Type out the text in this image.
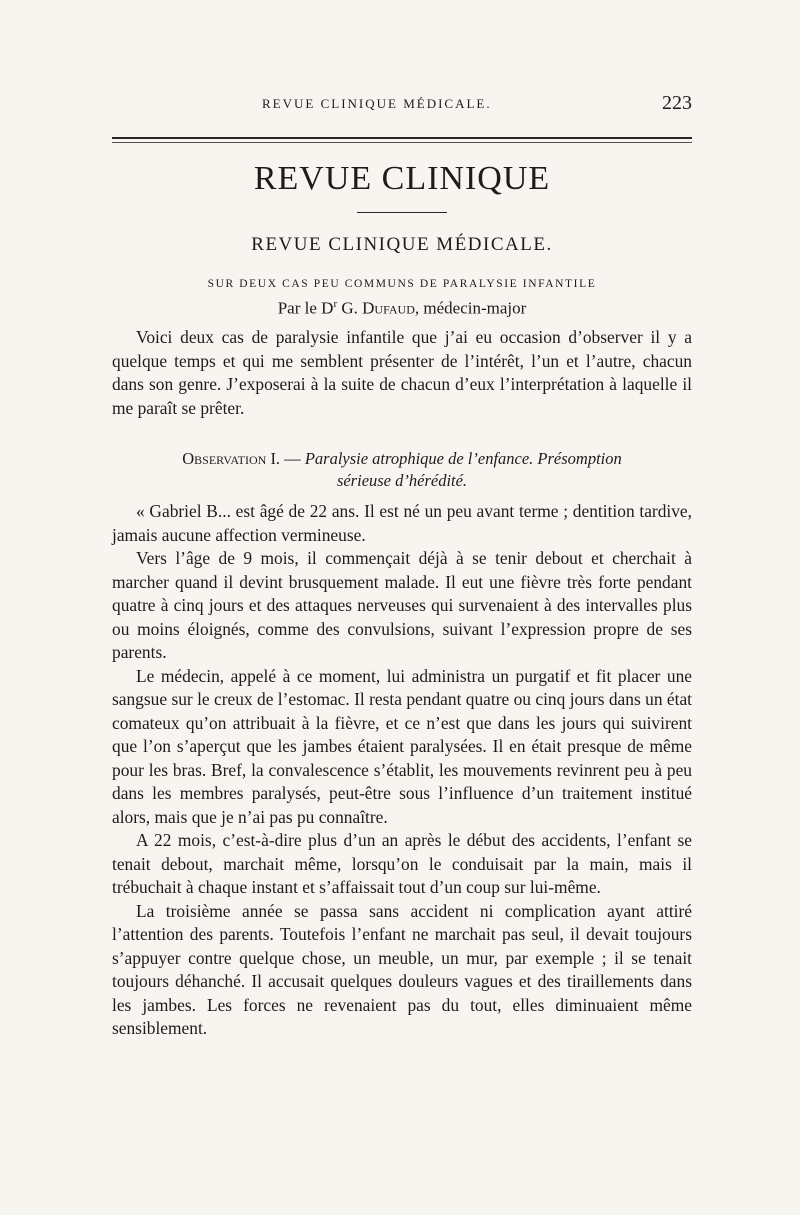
REVUE CLINIQUE MÉDICALE.	223
REVUE CLINIQUE
REVUE CLINIQUE MÉDICALE.
SUR DEUX CAS PEU COMMUNS DE PARALYSIE INFANTILE
Par le $D^r$ G. Dufaud, médecin-major

Voici deux cas de paralysie infantile que j’ai eu occasion d’observer il y a quelque temps et qui me semblent présenter de l’intérêt, l’un et l’autre, chacun dans son genre. J’exposerai à la suite de chacun d’eux l’interprétation à laquelle il me paraît se prêter.

Observation I. — Paralysie atrophique de l’enfance. Présomption
sérieuse d’hérédité.

« Gabriel B... est âgé de 22 ans. Il est né un peu avant terme ; dentition tardive, jamais aucune affection vermineuse.

Vers l’âge de 9 mois, il commençait déjà à se tenir debout et cherchait à marcher quand il devint brusquement malade. Il eut une fièvre très forte pendant quatre à cinq jours et des attaques nerveuses qui survenaient à des intervalles plus ou moins éloignés, comme des convulsions, suivant l’expression propre de ses parents.

Le médecin, appelé à ce moment, lui administra un purgatif et fit placer une sangsue sur le creux de l’estomac. Il resta pendant quatre ou cinq jours dans un état comateux qu’on attribuait à la fièvre, et ce n’est que dans les jours qui suivirent que l’on s’aperçut que les jambes étaient paralysées. Il en était presque de même pour les bras. Bref, la convalescence s’établit, les mouvements revinrent peu à peu dans les membres paralysés, peut-être sous l’influence d’un traitement institué alors, mais que je n’ai pas pu connaître.

A 22 mois, c’est-à-dire plus d’un an après le début des accidents, l’enfant se tenait debout, marchait même, lorsqu’on le conduisait par la main, mais il trébuchait à chaque instant et s’affaissait tout d’un coup sur lui-même.

La troisième année se passa sans accident ni complication ayant attiré l’attention des parents. Toutefois l’enfant ne marchait pas seul, il devait toujours s’appuyer contre quelque chose, un meuble, un mur, par exemple ; il se tenait toujours déhanché. Il accusait quelques douleurs vagues et des tiraillements dans les jambes. Les forces ne revenaient pas du tout, elles diminuaient même sensiblement.
